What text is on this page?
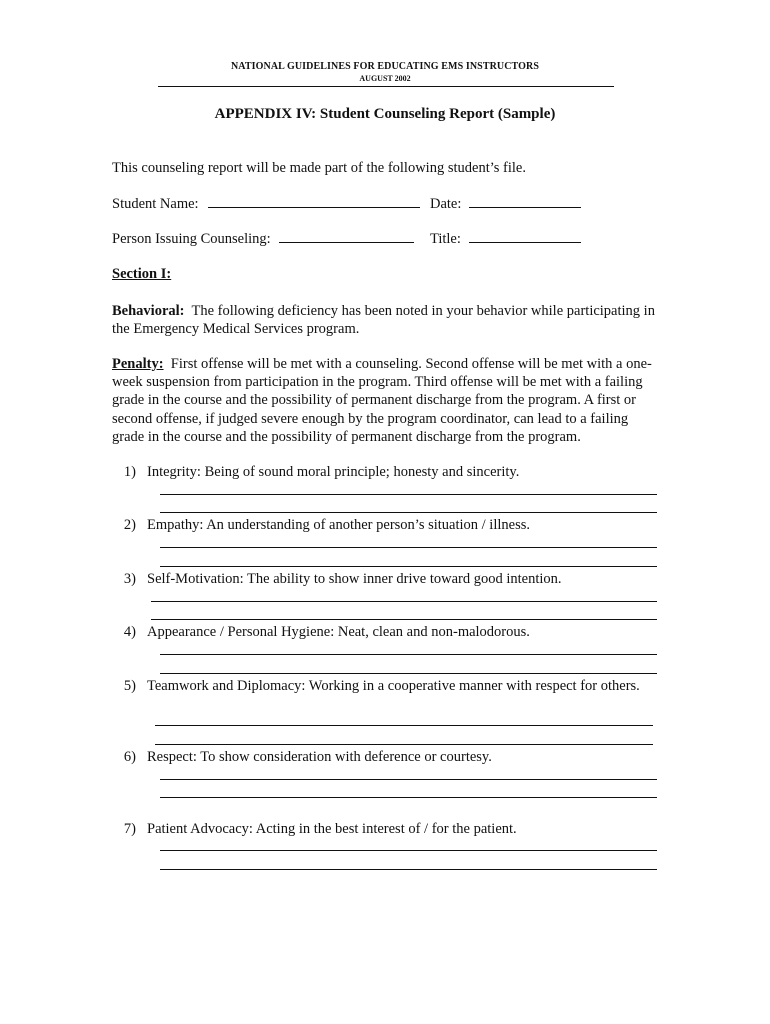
NATIONAL GUIDELINES FOR EDUCATING EMS INSTRUCTORS
AUGUST 2002
APPENDIX IV: Student Counseling Report (Sample)
This counseling report will be made part of the following student’s file.
Student Name:	Date:
Person Issuing Counseling:	Title:
Section I:
Behavioral: The following deficiency has been noted in your behavior while participating in the Emergency Medical Services program.
Penalty: First offense will be met with a counseling. Second offense will be met with a one-week suspension from participation in the program. Third offense will be met with a failing grade in the course and the possibility of permanent discharge from the program. A first or second offense, if judged severe enough by the program coordinator, can lead to a failing grade in the course and the possibility of permanent discharge from the program.
1) Integrity: Being of sound moral principle; honesty and sincerity.
2) Empathy: An understanding of another person’s situation / illness.
3) Self-Motivation: The ability to show inner drive toward good intention.
4) Appearance / Personal Hygiene: Neat, clean and non-malodorous.
5) Teamwork and Diplomacy: Working in a cooperative manner with respect for others.
6) Respect: To show consideration with deference or courtesy.
7) Patient Advocacy: Acting in the best interest of / for the patient.
